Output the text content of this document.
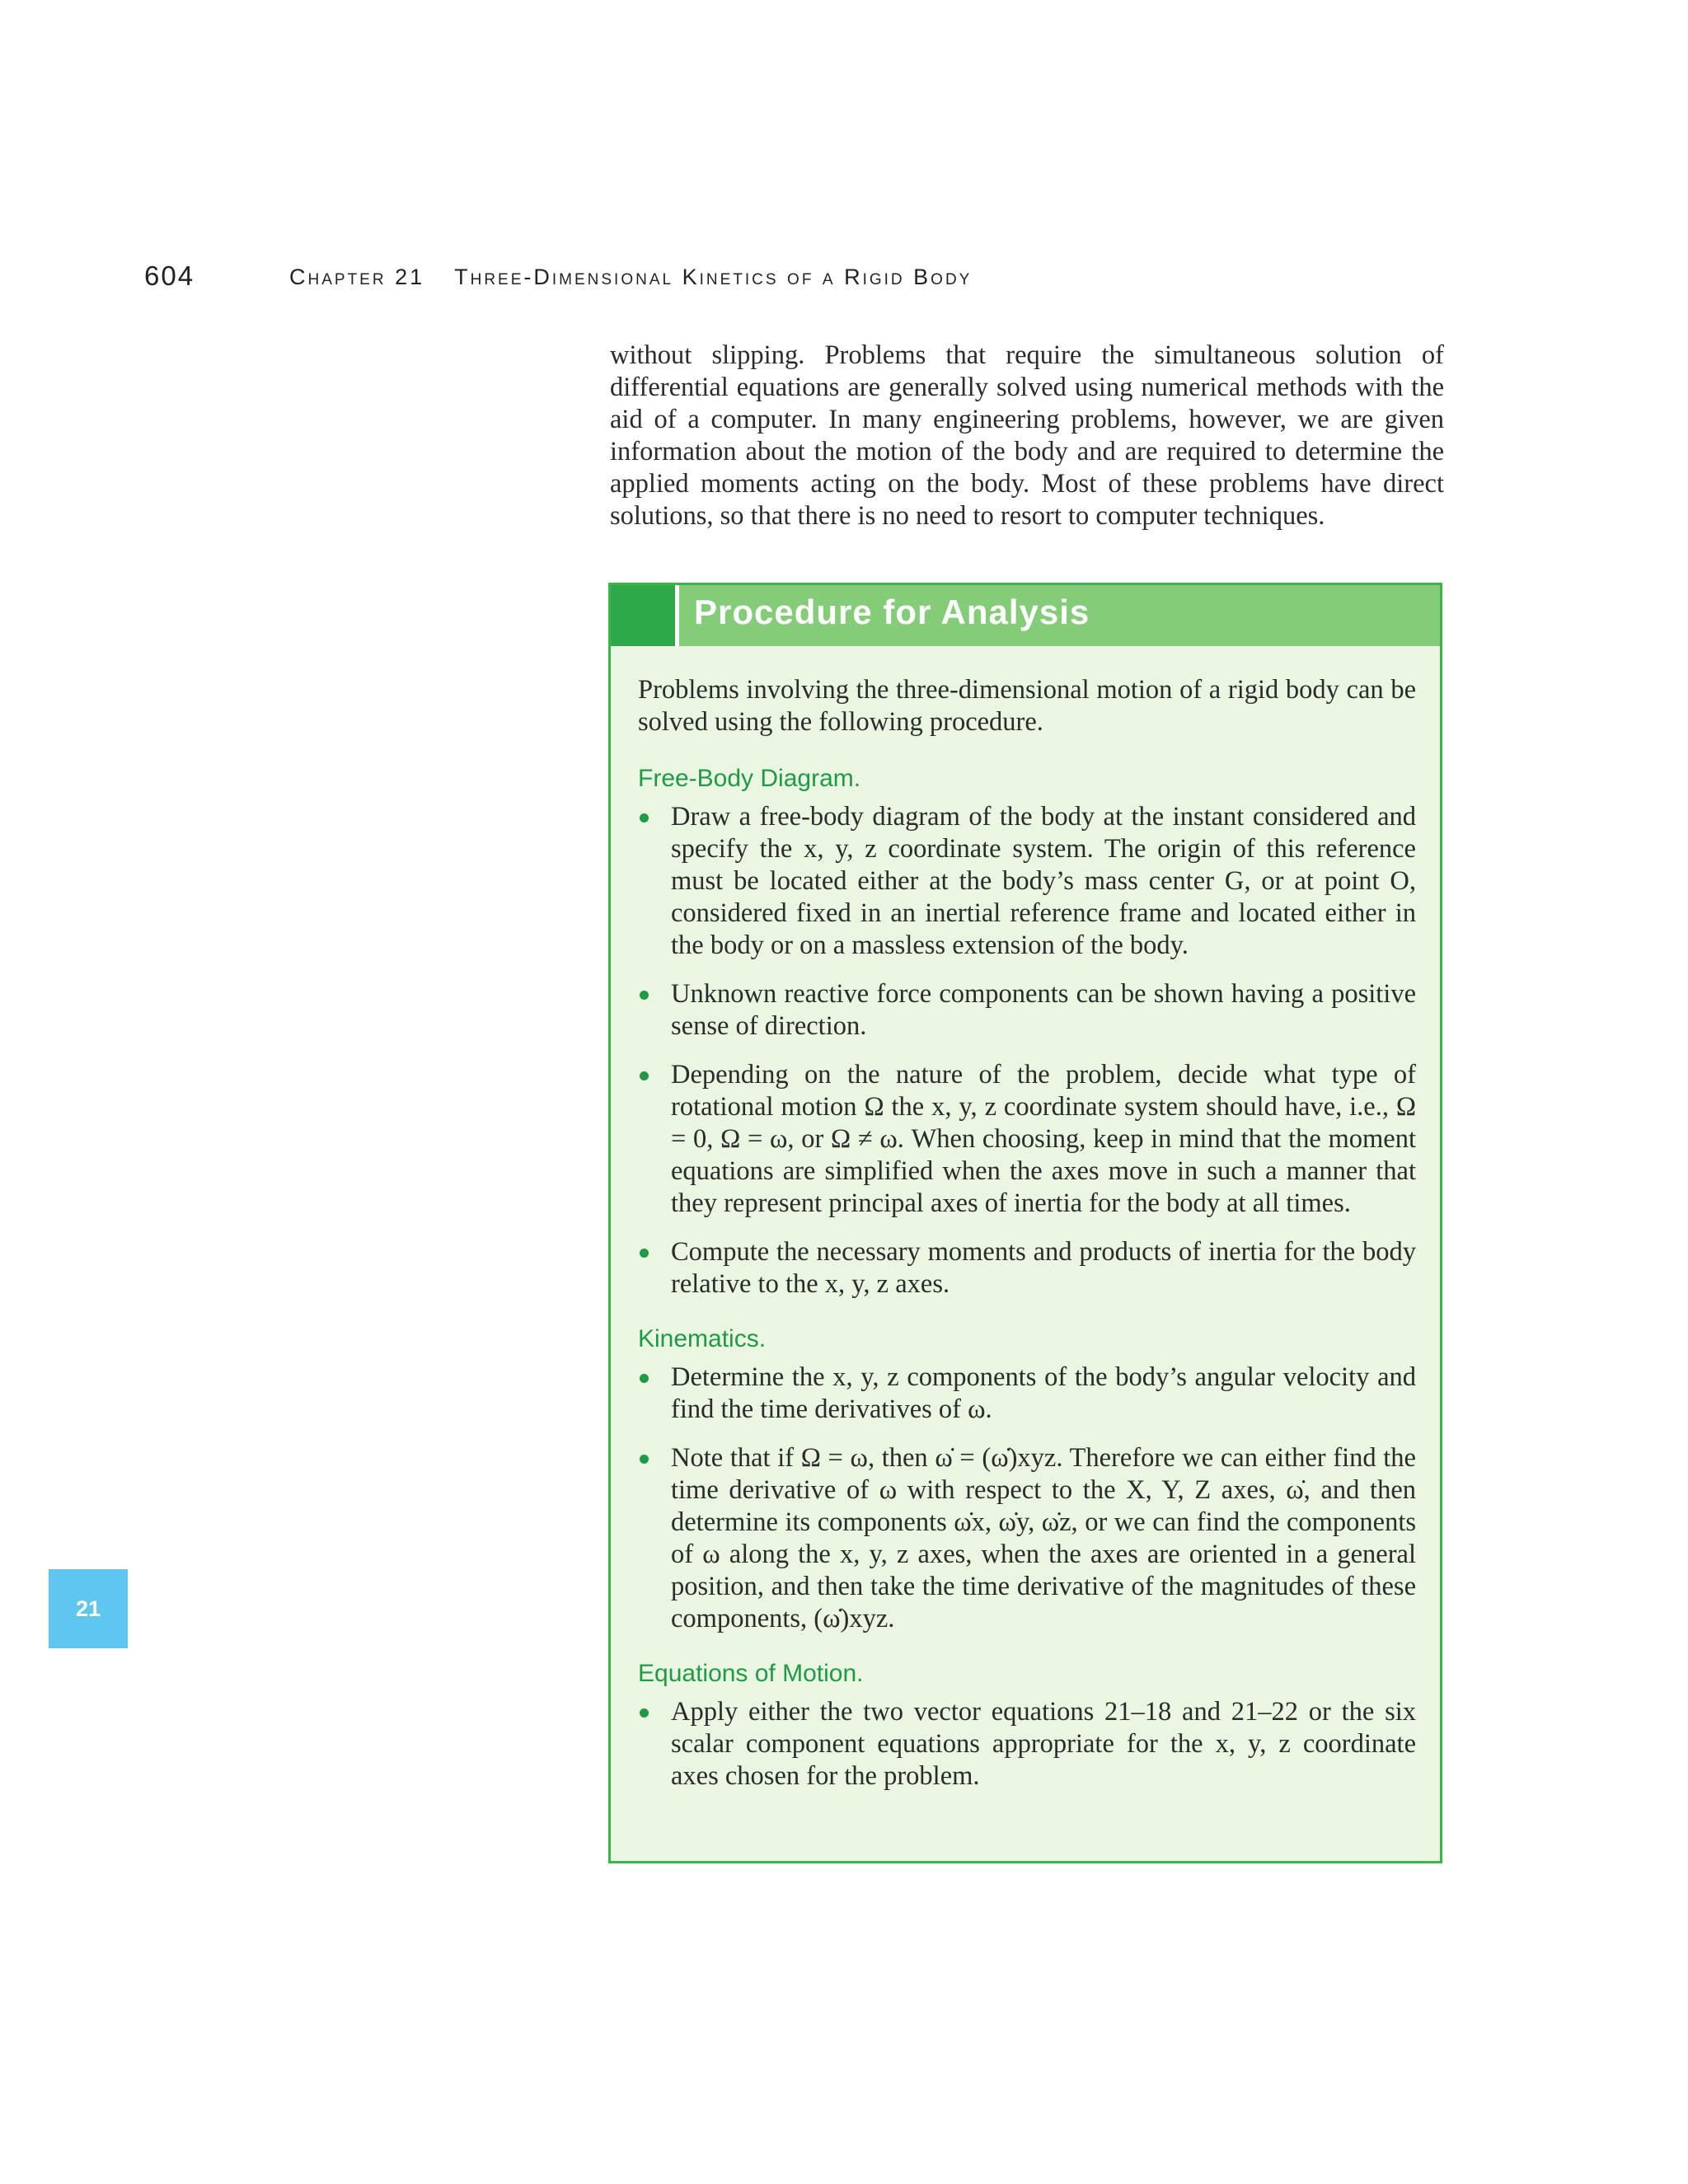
604	Chapter 21 Three-Dimensional Kinetics of a Rigid Body

without slipping. Problems that require the simultaneous solution of differential equations are generally solved using numerical methods with the aid of a computer. In many engineering problems, however, we are given information about the motion of the body and are required to determine the applied moments acting on the body. Most of these problems have direct solutions, so that there is no need to resort to computer techniques.

Procedure for Analysis

Problems involving the three-dimensional motion of a rigid body can be solved using the following procedure.

Free-Body Diagram.
Draw a free-body diagram of the body at the instant considered and specify the x, y, z coordinate system. The origin of this reference must be located either at the body’s mass center G, or at point O, considered fixed in an inertial reference frame and located either in the body or on a massless extension of the body.
Unknown reactive force components can be shown having a positive sense of direction.
Depending on the nature of the problem, decide what type of rotational motion Ω the x, y, z coordinate system should have, i.e., Ω = 0, Ω = ω, or Ω ≠ ω. When choosing, keep in mind that the moment equations are simplified when the axes move in such a manner that they represent principal axes of inertia for the body at all times.
Compute the necessary moments and products of inertia for the body relative to the x, y, z axes.
Kinematics.
Determine the x, y, z components of the body’s angular velocity and find the time derivatives of ω.
Note that if Ω = ω, then ω̇ = (ω̇)xyz. Therefore we can either find the time derivative of ω with respect to the X, Y, Z axes, ω̇, and then determine its components ω̇x, ω̇y, ω̇z, or we can find the components of ω along the x, y, z axes, when the axes are oriented in a general position, and then take the time derivative of the magnitudes of these components, (ω̇)xyz.
Equations of Motion.
Apply either the two vector equations 21–18 and 21–22 or the six scalar component equations appropriate for the x, y, z coordinate axes chosen for the problem.
21
